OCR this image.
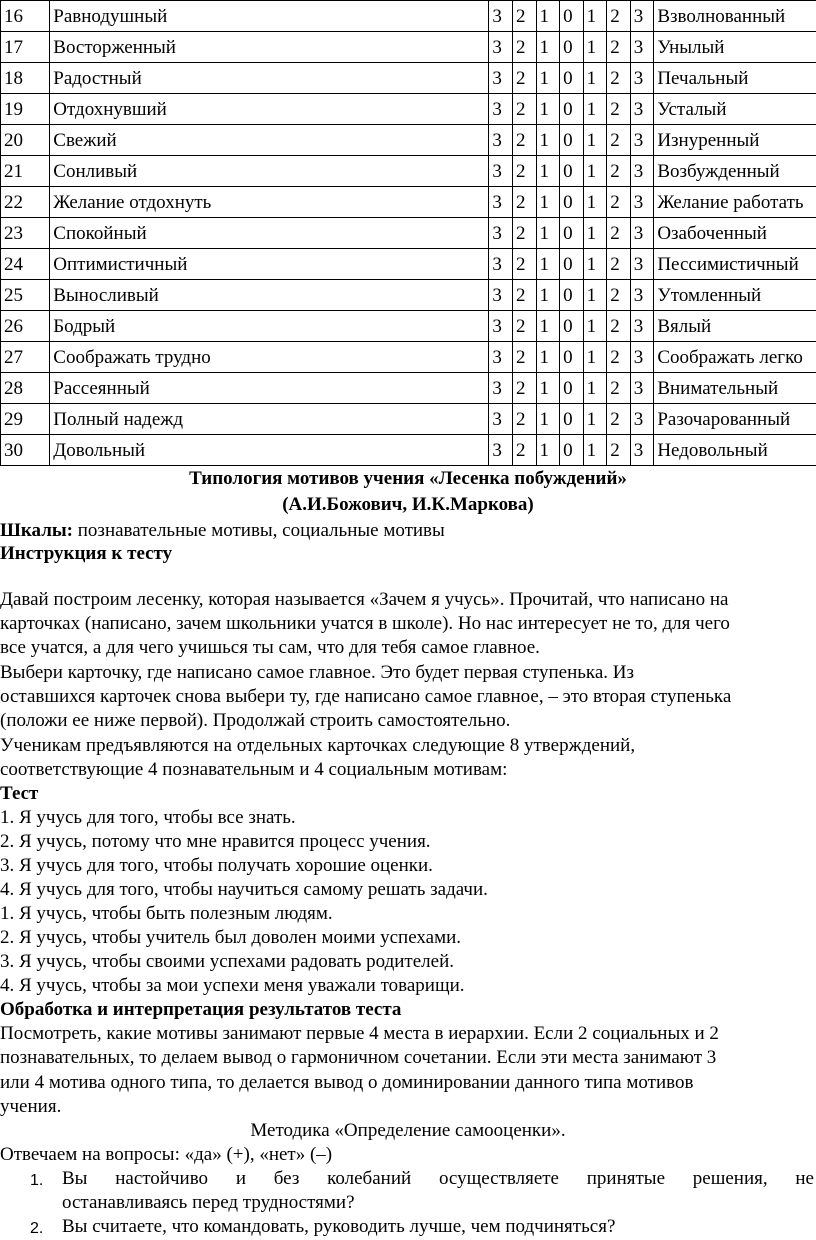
16	Равнодушный	3	2	1	0	1	2	3	Взволнованный
17	Восторженный	3	2	1	0	1	2	3	Унылый
18	Радостный	3	2	1	0	1	2	3	Печальный
19	Отдохнувший	3	2	1	0	1	2	3	Усталый
20	Свежий	3	2	1	0	1	2	3	Изнуренный
21	Сонливый	3	2	1	0	1	2	3	Возбужденный
22	Желание отдохнуть	3	2	1	0	1	2	3	Желание работать
23	Спокойный	3	2	1	0	1	2	3	Озабоченный
24	Оптимистичный	3	2	1	0	1	2	3	Пессимистичный
25	Выносливый	3	2	1	0	1	2	3	Утомленный
26	Бодрый	3	2	1	0	1	2	3	Вялый
27	Соображать трудно	3	2	1	0	1	2	3	Соображать легко
28	Рассеянный	3	2	1	0	1	2	3	Внимательный
29	Полный надежд	3	2	1	0	1	2	3	Разочарованный
30	Довольный	3	2	1	0	1	2	3	Недовольный
Типология мотивов учения «Лесенка побуждений»
(А.И.Божович, И.К.Маркова)
Шкалы: познавательные мотивы, социальные мотивы
Инструкция к тесту
Давай построим лесенку, которая называется «Зачем я учусь». Прочитай, что написано на
карточках (написано, зачем школьники учатся в школе). Но нас интересует не то, для чего
все учатся, а для чего учишься ты сам, что для тебя самое главное.
Выбери карточку, где написано самое главное. Это будет первая ступенька. Из
оставшихся карточек снова выбери ту, где написано самое главное, – это вторая ступенька
(положи ее ниже первой). Продолжай строить самостоятельно.
Ученикам предъявляются на отдельных карточках следующие 8 утверждений,
соответствующие 4 познавательным и 4 социальным мотивам:
Тест
1. Я учусь для того, чтобы все знать.
2. Я учусь, потому что мне нравится процесс учения.
3. Я учусь для того, чтобы получать хорошие оценки.
4. Я учусь для того, чтобы научиться самому решать задачи.
1. Я учусь, чтобы быть полезным людям.
2. Я учусь, чтобы учитель был доволен моими успехами.
3. Я учусь, чтобы своими успехами радовать родителей.
4. Я учусь, чтобы за мои успехи меня уважали товарищи.
Обработка и интерпретация результатов теста
Посмотреть, какие мотивы занимают первые 4 места в иерархии. Если 2 социальных и 2
познавательных, то делаем вывод о гармоничном сочетании. Если эти места занимают 3
или 4 мотива одного типа, то делается вывод о доминировании данного типа мотивов
учения.
Методика «Определение самооценки».
Отвечаем на вопросы: «да» (+), «нет» (–)
1. Вы настойчиво и без колебаний осуществляете принятые решения, не
останавливаясь перед трудностями?
2. Вы считаете, что командовать, руководить лучше, чем подчиняться?
